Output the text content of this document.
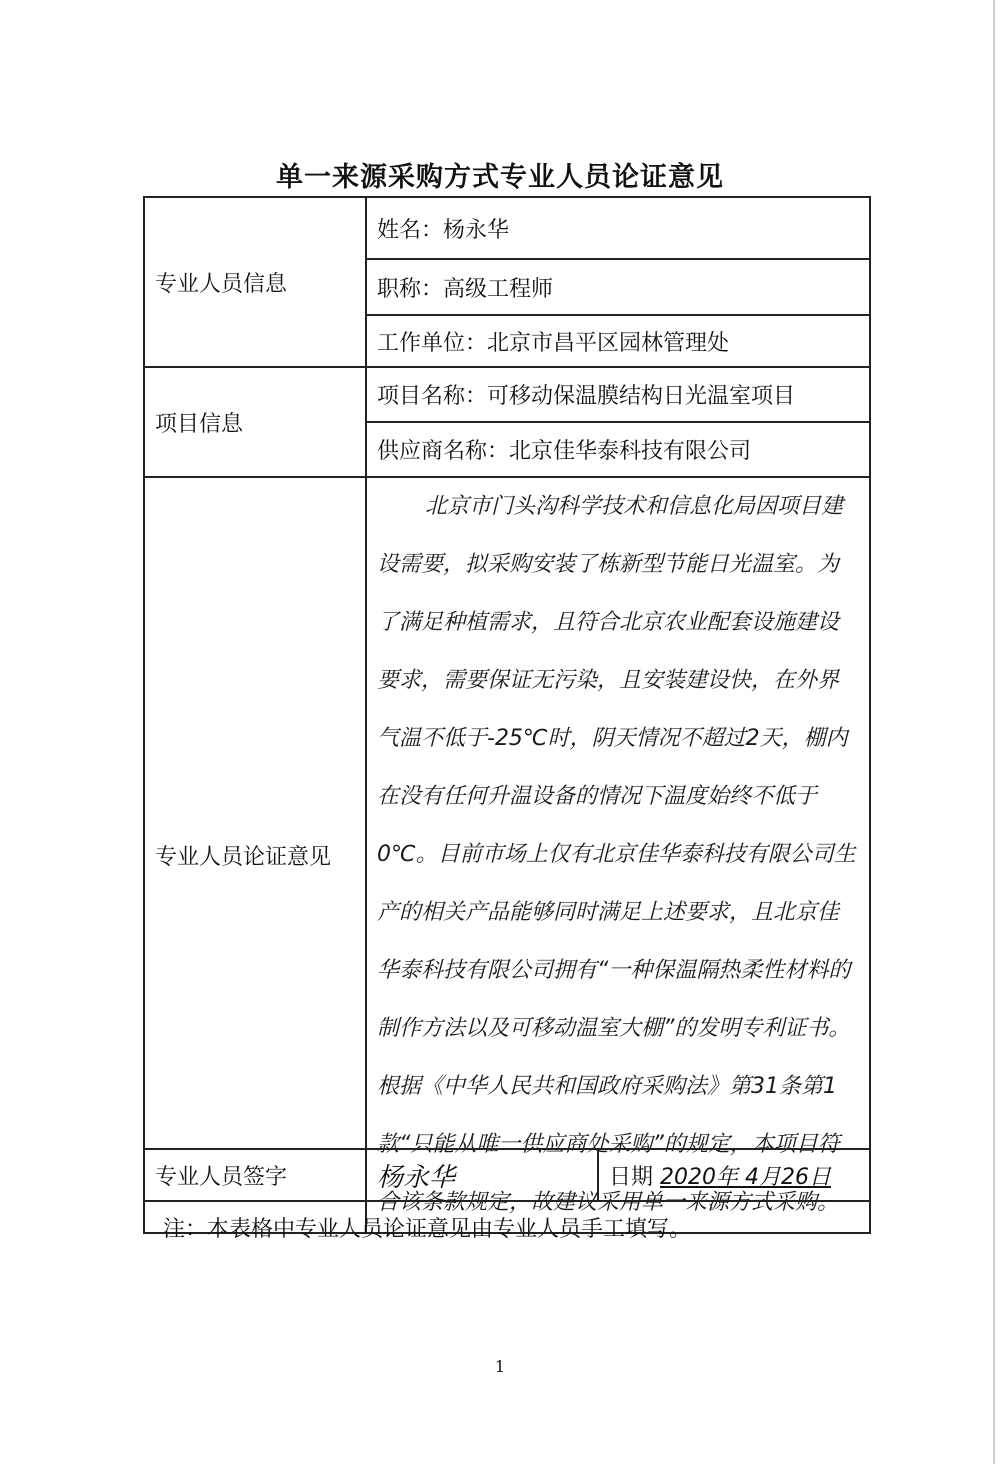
单一来源采购方式专业人员论证意见
专业人员信息	姓名：杨永华
	职称：高级工程师
	工作单位：北京市昌平区园林管理处
项目信息	项目名称：可移动保温膜结构日光温室项目
	供应商名称：北京佳华泰科技有限公司
专业人员论证意见	北京市门头沟科学技术和信息化局因项目建设需要，拟采购安装了栋新型节能日光温室。为了满足种植需求，且符合北京农业配套设施建设要求，需要保证无污染，且安装建设快，在外界气温不低于-25℃时，阴天情况不超过2天，棚内在没有任何升温设备的情况下温度始终不低于0℃。目前市场上仅有北京佳华泰科技有限公司生产的相关产品能够同时满足上述要求，且北京佳华泰科技有限公司拥有“一种保温隔热柔性材料的制作方法以及可移动温室大棚”的发明专利证书。根据《中华人民共和国政府采购法》第31条第1款“只能从唯一供应商处采购”的规定，本项目符合该条款规定，故建议采用单一来源方式采购。
专业人员签字	杨永华	日期 2020年 4月26日
注：本表格中专业人员论证意见由专业人员手工填写。
1
